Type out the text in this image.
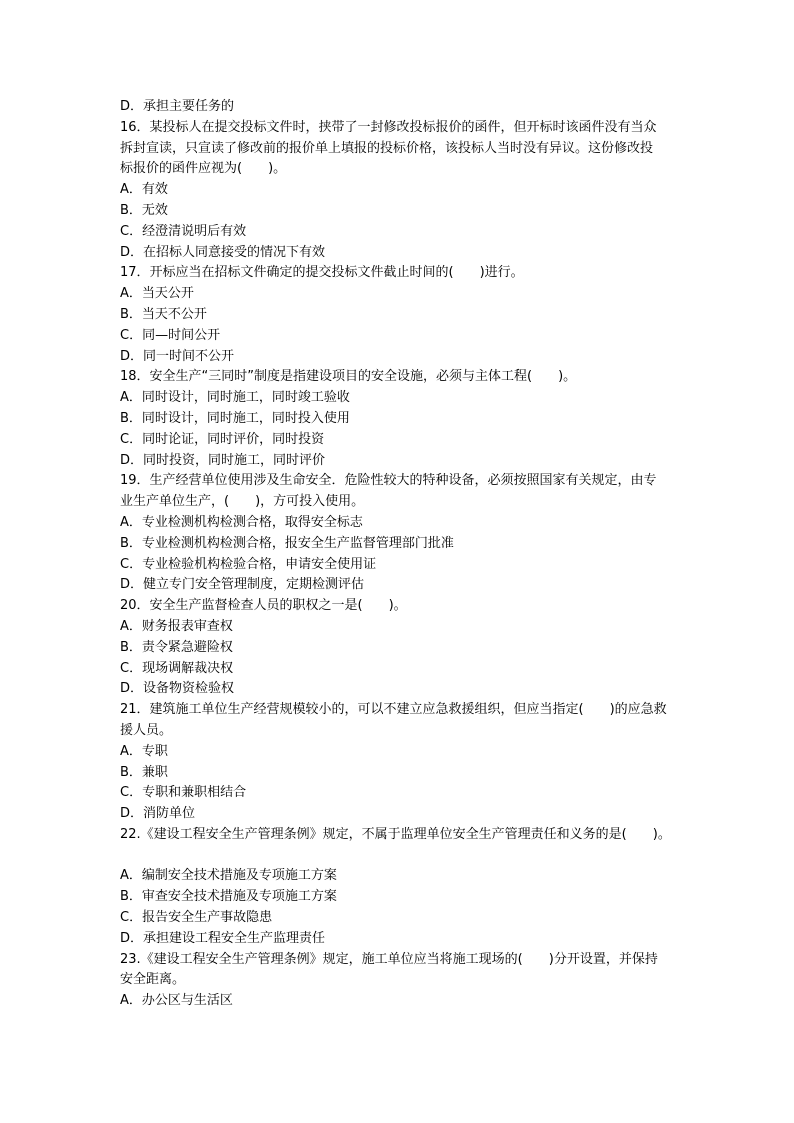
D．承担主要任务的
16．某投标人在提交投标文件时，挟带了一封修改投标报价的函件，但开标时该函件没有当众
拆封宣读，只宣读了修改前的报价单上填报的投标价格，该投标人当时没有异议。这份修改投
标报价的函件应视为(　　)。
A．有效
B．无效
C．经澄清说明后有效
D．在招标人同意接受的情况下有效
17．开标应当在招标文件确定的提交投标文件截止时间的(　　)进行。
A．当天公开
B．当天不公开
C．同—时间公开
D．同一时间不公开
18．安全生产“三同时”制度是指建设项目的安全设施，必须与主体工程(　　)。
A．同时设计，同时施工，同时竣工验收
B．同时设计，同时施工，同时投入使用
C．同时论证，同时评价，同时投资
D．同时投资，同时施工，同时评价
19．生产经营单位使用涉及生命安全．危险性较大的特种设备，必须按照国家有关规定，由专
业生产单位生产，(　　)，方可投入使用。
A．专业检测机构检测合格，取得安全标志
B．专业检测机构检测合格，报安全生产监督管理部门批准
C．专业检验机构检验合格，申请安全使用证
D．健立专门安全管理制度，定期检测评估
20．安全生产监督检查人员的职权之一是(　　)。
A．财务报表审查权
B．责令紧急避险权
C．现场调解裁决权
D．设备物资检验权
21．建筑施工单位生产经营规模较小的，可以不建立应急救援组织，但应当指定(　　)的应急救
援人员。
A．专职
B．兼职
C．专职和兼职相结合
D．消防单位
22.《建设工程安全生产管理条例》规定，不属于监理单位安全生产管理责任和义务的是(　　)。
A．编制安全技术措施及专项施工方案
B．审查安全技术措施及专项施工方案
C．报告安全生产事故隐患
D．承担建设工程安全生产监理责任
23.《建设工程安全生产管理条例》规定，施工单位应当将施工现场的(　　)分开设置，并保持
安全距离。
A．办公区与生活区
